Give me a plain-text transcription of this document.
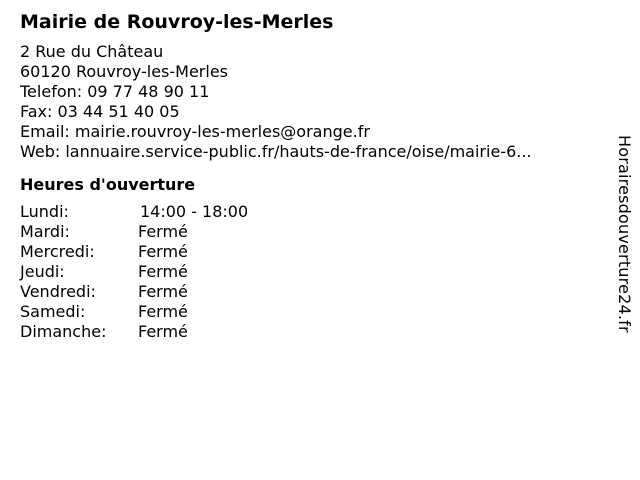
Mairie de Rouvroy-les-Merles
2 Rue du Château
60120 Rouvroy-les-Merles
Telefon: 09 77 48 90 11
Fax: 03 44 51 40 05
Email: mairie.rouvroy-les-merles@orange.fr
Web: lannuaire.service-public.fr/hauts-de-france/oise/mairie-6...
Heures d'ouverture
Lundi:	14:00 - 18:00
Mardi:	Fermé
Mercredi:	Fermé
Jeudi:	Fermé
Vendredi:	Fermé
Samedi:	Fermé
Dimanche:	Fermé	Horairesdouverture24.fr
